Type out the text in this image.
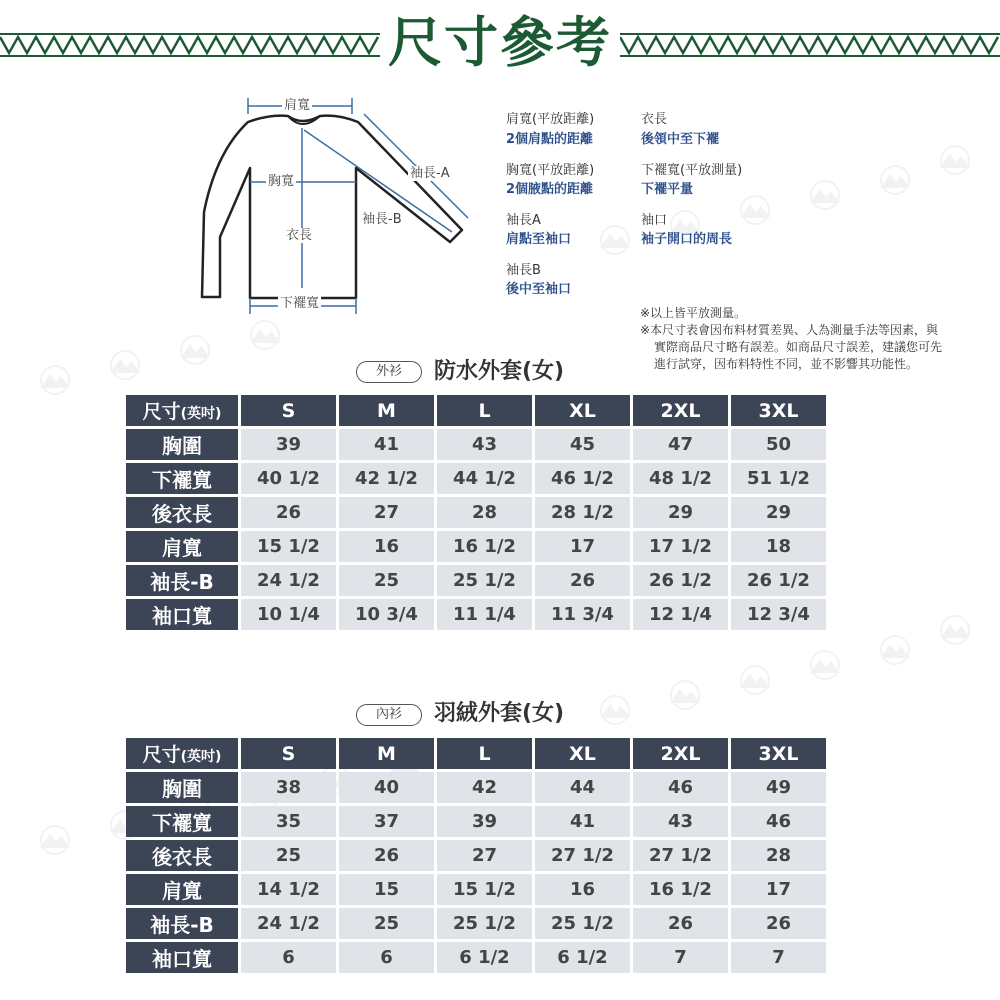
尺寸參考
肩寬
胸寬
衣長
袖長-A
袖長-B
下襬寬
肩寬(平放距離)
2個肩點的距離
衣長
後領中至下襬
胸寬(平放距離)
2個腋點的距離
下襬寬(平放測量)
下襬平量
袖長A
肩點至袖口
袖口
袖子開口的周長
袖長B
後中至袖口
※以上皆平放測量。
※本尺寸表會因布料材質差異、人為測量手法等因素，與
實際商品尺寸略有誤差。如商品尺寸誤差，建議您可先
進行試穿，因布料特性不同，並不影響其功能性。
外衫	防水外套(女)
尺寸(英吋)	S	M	L	XL	2XL	3XL
胸圍	39	41	43	45	47	50
下襬寬	40 1/2	42 1/2	44 1/2	46 1/2	48 1/2	51 1/2
後衣長	26	27	28	28 1/2	29	29
肩寬	15 1/2	16	16 1/2	17	17 1/2	18
袖長-B	24 1/2	25	25 1/2	26	26 1/2	26 1/2
袖口寬	10 1/4	10 3/4	11 1/4	11 3/4	12 1/4	12 3/4
內衫	羽絨外套(女)
尺寸(英吋)	S	M	L	XL	2XL	3XL
胸圍	38	40	42	44	46	49
下襬寬	35	37	39	41	43	46
後衣長	25	26	27	27 1/2	27 1/2	28
肩寬	14 1/2	15	15 1/2	16	16 1/2	17
袖長-B	24 1/2	25	25 1/2	25 1/2	26	26
袖口寬	6	6	6 1/2	6 1/2	7	7
